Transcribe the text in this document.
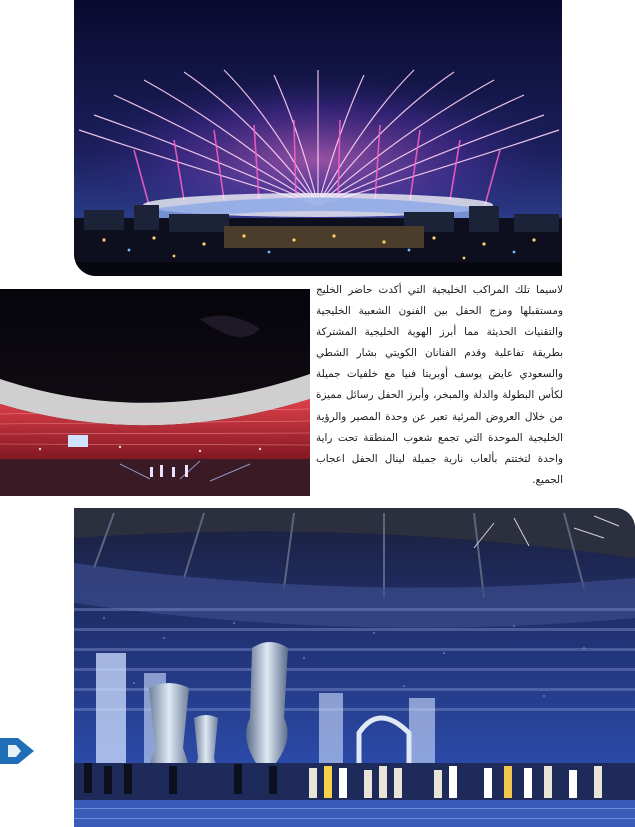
لاسيما تلك المراكب الخليجية التي أكدت حاضر الخليج ومستقبلها ومزج الحفل بين الفنون الشعبية الخليجية والتقنيات الحديثة مما أبرز الهوية الخليجية المشتركة بطريقة تفاعلية وقدم الفنانان الكويتي بشار الشطي والسعودي عايض يوسف أوبريتا فنيا مع خلفيات جميلة لكأس البطولة والدلة والمبخر، وأبرز الحفل رسائل مميزة من خلال العروض المرئية تعبر عن وحدة المصير والرؤية الخليجية الموحدة التي تجمع شعوب المنطقة تحت راية واحدة لتختتم بألعاب نارية جميلة لينال الحفل اعجاب الجميع.
